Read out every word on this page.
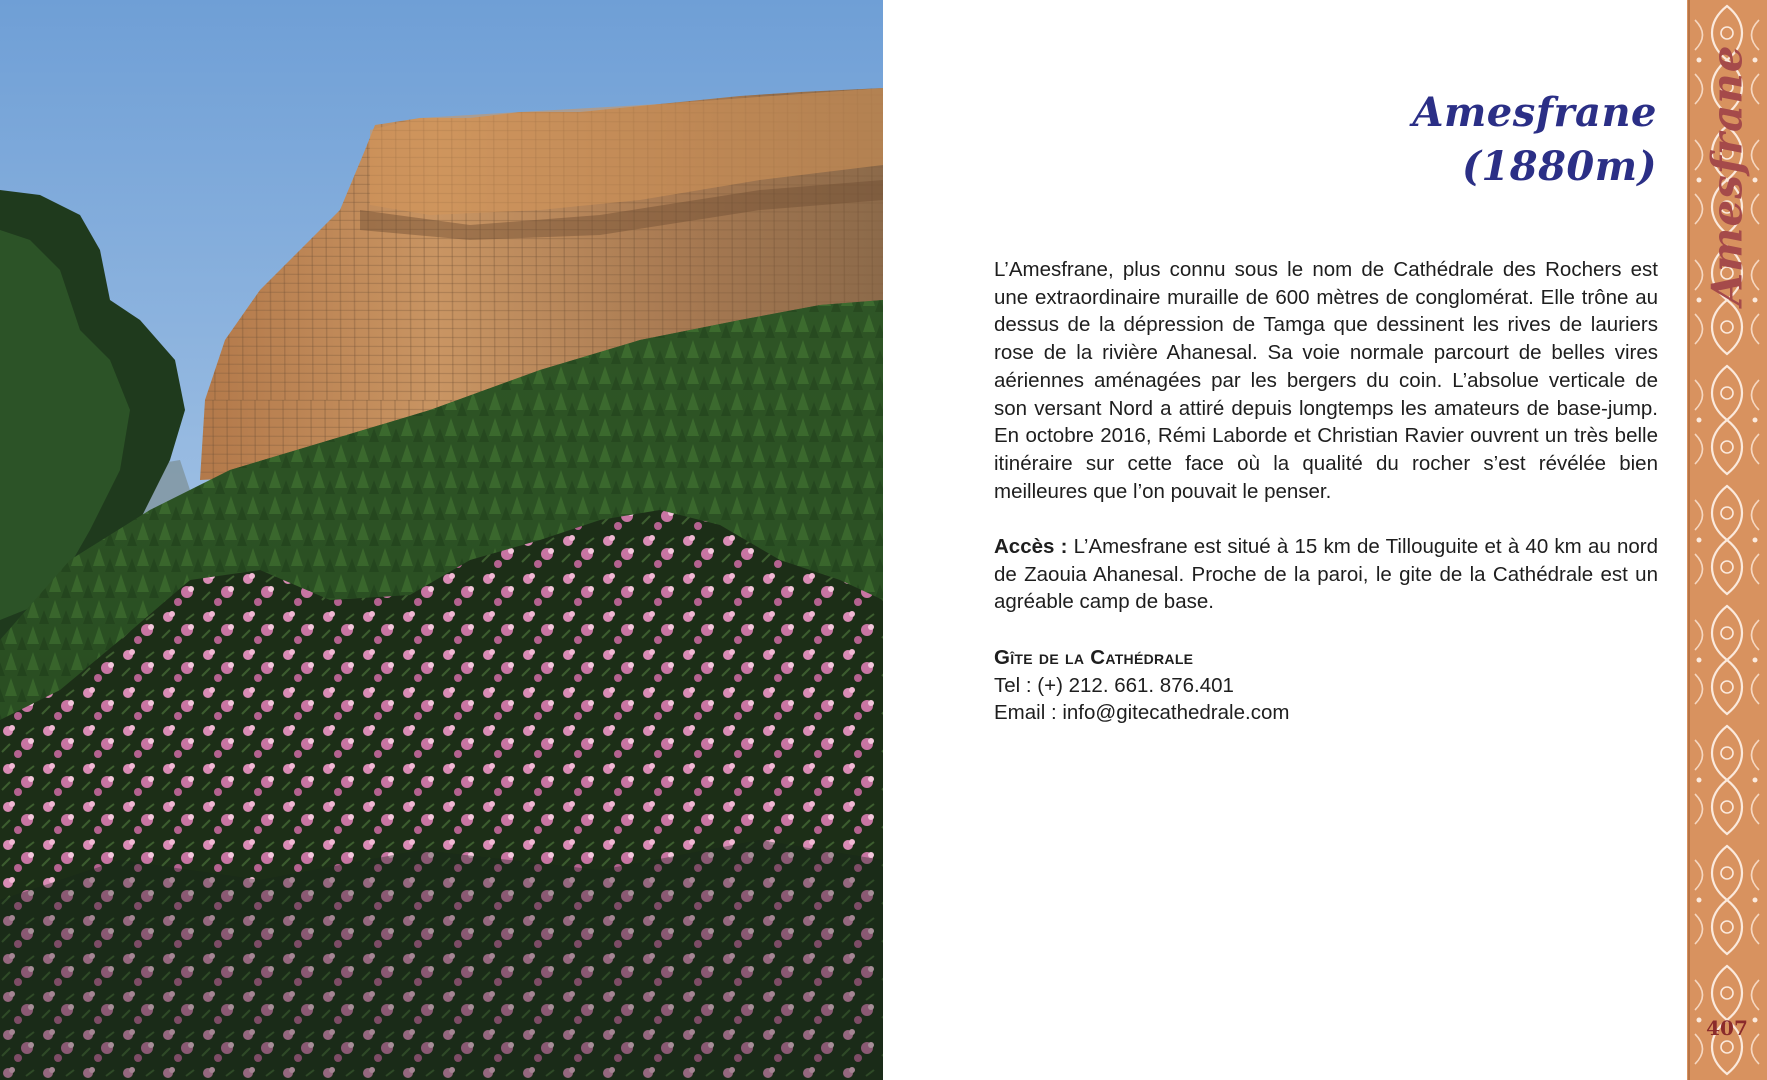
Amesfrane
(1880m)

L’Amesfrane, plus connu sous le nom de Cathédrale des Rochers est une extraordinaire muraille de 600 mètres de conglomérat. Elle trône au dessus de la dépression de Tamga que dessinent les rives de lauriers rose de la rivière Ahanesal. Sa voie normale parcourt de belles vires aériennes aménagées par les bergers du coin. L’absolue verticale de son versant Nord a attiré depuis longtemps les amateurs de base-jump. En octobre 2016, Rémi Laborde et Christian Ravier ouvrent un très belle itinéraire sur cette face où la qualité du rocher s’est révélée bien meilleures que l’on pouvait le penser.

Accès : L’Amesfrane est situé à 15 km de Tillouguite et à 40 km au nord de Zaouia Ahanesal. Proche de la paroi, le gite de la Cathédrale est un agréable camp de base.

Gîte de la Cathédrale
Tel : (+) 212. 661. 876.401
Email : info@gitecathedrale.com
Amesfrane
407
